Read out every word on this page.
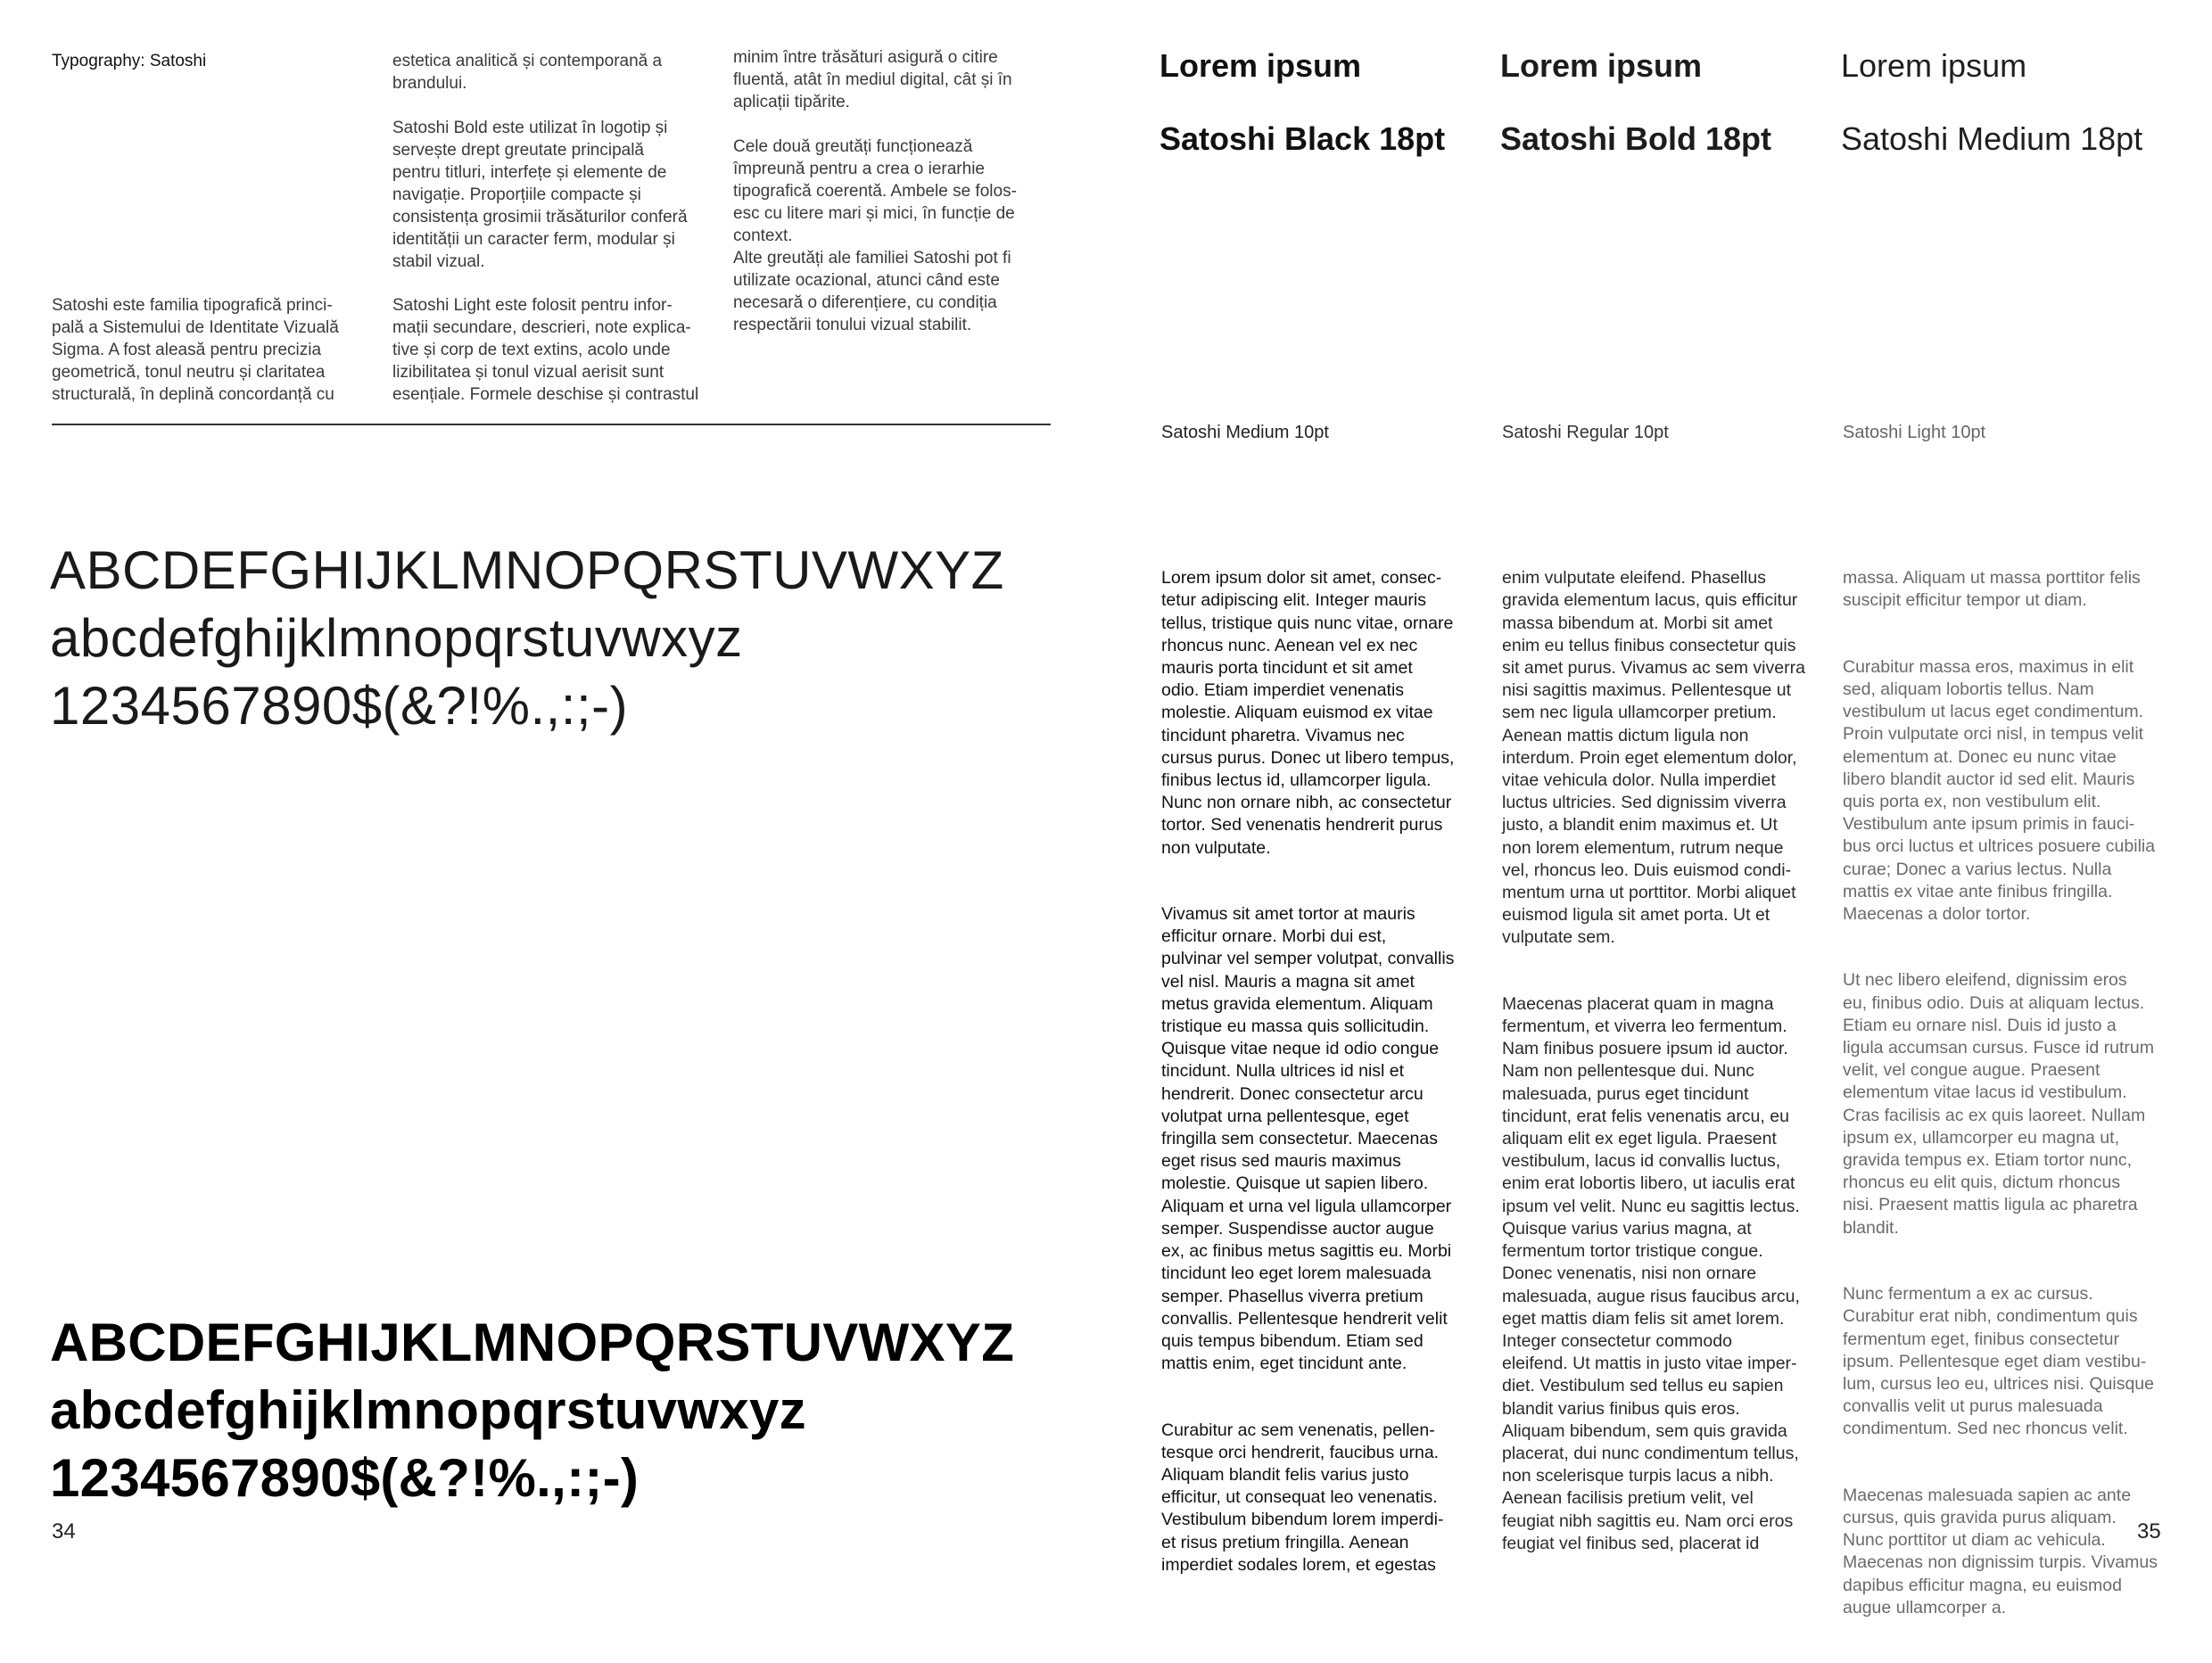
Typography: Satoshi
Satoshi este familia tipografică princi-
pală a Sistemului de Identitate Vizuală
Sigma. A fost aleasă pentru precizia
geometrică, tonul neutru și claritatea
structurală, în deplină concordanță cu
estetica analitică și contemporană a
brandului.
Satoshi Bold este utilizat în logotip și
servește drept greutate principală
pentru titluri, interfețe și elemente de
navigație. Proporțiile compacte și
consistența grosimii trăsăturilor conferă
identității un caracter ferm, modular și
stabil vizual.
Satoshi Light este folosit pentru infor-
mații secundare, descrieri, note explica-
tive și corp de text extins, acolo unde
lizibilitatea și tonul vizual aerisit sunt
esențiale. Formele deschise și contrastul
minim între trăsături asigură o citire
fluentă, atât în mediul digital, cât și în
aplicații tipărite.
Cele două greutăți funcționează
împreună pentru a crea o ierarhie
tipografică coerentă. Ambele se folos-
esc cu litere mari și mici, în funcție de
context.
Alte greutăți ale familiei Satoshi pot fi
utilizate ocazional, atunci când este
necesară o diferențiere, cu condiția
respectării tonului vizual stabilit.
ABCDEFGHIJKLMNOPQRSTUVWXYZ
abcdefghijklmnopqrstuvwxyz
1234567890$(&?!%.,:;-)
ABCDEFGHIJKLMNOPQRSTUVWXYZ
abcdefghijklmnopqrstuvwxyz
1234567890$(&?!%.,:;-)
34
Lorem ipsum
Satoshi Black 18pt
Satoshi Medium 10pt

Lorem ipsum dolor sit amet, consec-
tetur adipiscing elit. Integer mauris
tellus, tristique quis nunc vitae, ornare
rhoncus nunc. Aenean vel ex nec
mauris porta tincidunt et sit amet
odio. Etiam imperdiet venenatis
molestie. Aliquam euismod ex vitae
tincidunt pharetra. Vivamus nec
cursus purus. Donec ut libero tempus,
finibus lectus id, ullamcorper ligula.
Nunc non ornare nibh, ac consectetur
tortor. Sed venenatis hendrerit purus
non vulputate.

Vivamus sit amet tortor at mauris
efficitur ornare. Morbi dui est,
pulvinar vel semper volutpat, convallis
vel nisl. Mauris a magna sit amet
metus gravida elementum. Aliquam
tristique eu massa quis sollicitudin.
Quisque vitae neque id odio congue
tincidunt. Nulla ultrices id nisl et
hendrerit. Donec consectetur arcu
volutpat urna pellentesque, eget
fringilla sem consectetur. Maecenas
eget risus sed mauris maximus
molestie. Quisque ut sapien libero.
Aliquam et urna vel ligula ullamcorper
semper. Suspendisse auctor augue
ex, ac finibus metus sagittis eu. Morbi
tincidunt leo eget lorem malesuada
semper. Phasellus viverra pretium
convallis. Pellentesque hendrerit velit
quis tempus bibendum. Etiam sed
mattis enim, eget tincidunt ante.

Curabitur ac sem venenatis, pellen-
tesque orci hendrerit, faucibus urna.
Aliquam blandit felis varius justo
efficitur, ut consequat leo venenatis.
Vestibulum bibendum lorem imperdi-
et risus pretium fringilla. Aenean
imperdiet sodales lorem, et egestas

Lorem ipsum
Satoshi Bold 18pt
Satoshi Regular 10pt

enim vulputate eleifend. Phasellus
gravida elementum lacus, quis efficitur
massa bibendum at. Morbi sit amet
enim eu tellus finibus consectetur quis
sit amet purus. Vivamus ac sem viverra
nisi sagittis maximus. Pellentesque ut
sem nec ligula ullamcorper pretium.
Aenean mattis dictum ligula non
interdum. Proin eget elementum dolor,
vitae vehicula dolor. Nulla imperdiet
luctus ultricies. Sed dignissim viverra
justo, a blandit enim maximus et. Ut
non lorem elementum, rutrum neque
vel, rhoncus leo. Duis euismod condi-
mentum urna ut porttitor. Morbi aliquet
euismod ligula sit amet porta. Ut et
vulputate sem.

Maecenas placerat quam in magna
fermentum, et viverra leo fermentum.
Nam finibus posuere ipsum id auctor.
Nam non pellentesque dui. Nunc
malesuada, purus eget tincidunt
tincidunt, erat felis venenatis arcu, eu
aliquam elit ex eget ligula. Praesent
vestibulum, lacus id convallis luctus,
enim erat lobortis libero, ut iaculis erat
ipsum vel velit. Nunc eu sagittis lectus.
Quisque varius varius magna, at
fermentum tortor tristique congue.
Donec venenatis, nisi non ornare
malesuada, augue risus faucibus arcu,
eget mattis diam felis sit amet lorem.
Integer consectetur commodo
eleifend. Ut mattis in justo vitae imper-
diet. Vestibulum sed tellus eu sapien
blandit varius finibus quis eros.
Aliquam bibendum, sem quis gravida
placerat, dui nunc condimentum tellus,
non scelerisque turpis lacus a nibh.
Aenean facilisis pretium velit, vel
feugiat nibh sagittis eu. Nam orci eros
feugiat vel finibus sed, placerat id

Lorem ipsum
Satoshi Medium 18pt
Satoshi Light 10pt

massa. Aliquam ut massa porttitor felis
suscipit efficitur tempor ut diam.

Curabitur massa eros, maximus in elit
sed, aliquam lobortis tellus. Nam
vestibulum ut lacus eget condimentum.
Proin vulputate orci nisl, in tempus velit
elementum at. Donec eu nunc vitae
libero blandit auctor id sed elit. Mauris
quis porta ex, non vestibulum elit.
Vestibulum ante ipsum primis in fauci-
bus orci luctus et ultrices posuere cubilia
curae; Donec a varius lectus. Nulla
mattis ex vitae ante finibus fringilla.
Maecenas a dolor tortor.

Ut nec libero eleifend, dignissim eros
eu, finibus odio. Duis at aliquam lectus.
Etiam eu ornare nisl. Duis id justo a
ligula accumsan cursus. Fusce id rutrum
velit, vel congue augue. Praesent
elementum vitae lacus id vestibulum.
Cras facilisis ac ex quis laoreet. Nullam
ipsum ex, ullamcorper eu magna ut,
gravida tempus ex. Etiam tortor nunc,
rhoncus eu elit quis, dictum rhoncus
nisi. Praesent mattis ligula ac pharetra
blandit.

Nunc fermentum a ex ac cursus.
Curabitur erat nibh, condimentum quis
fermentum eget, finibus consectetur
ipsum. Pellentesque eget diam vestibu-
lum, cursus leo eu, ultrices nisi. Quisque
convallis velit ut purus malesuada
condimentum. Sed nec rhoncus velit.

Maecenas malesuada sapien ac ante
cursus, quis gravida purus aliquam.
Nunc porttitor ut diam ac vehicula.
Maecenas non dignissim turpis. Vivamus
dapibus efficitur magna, eu euismod
augue ullamcorper a.

35
